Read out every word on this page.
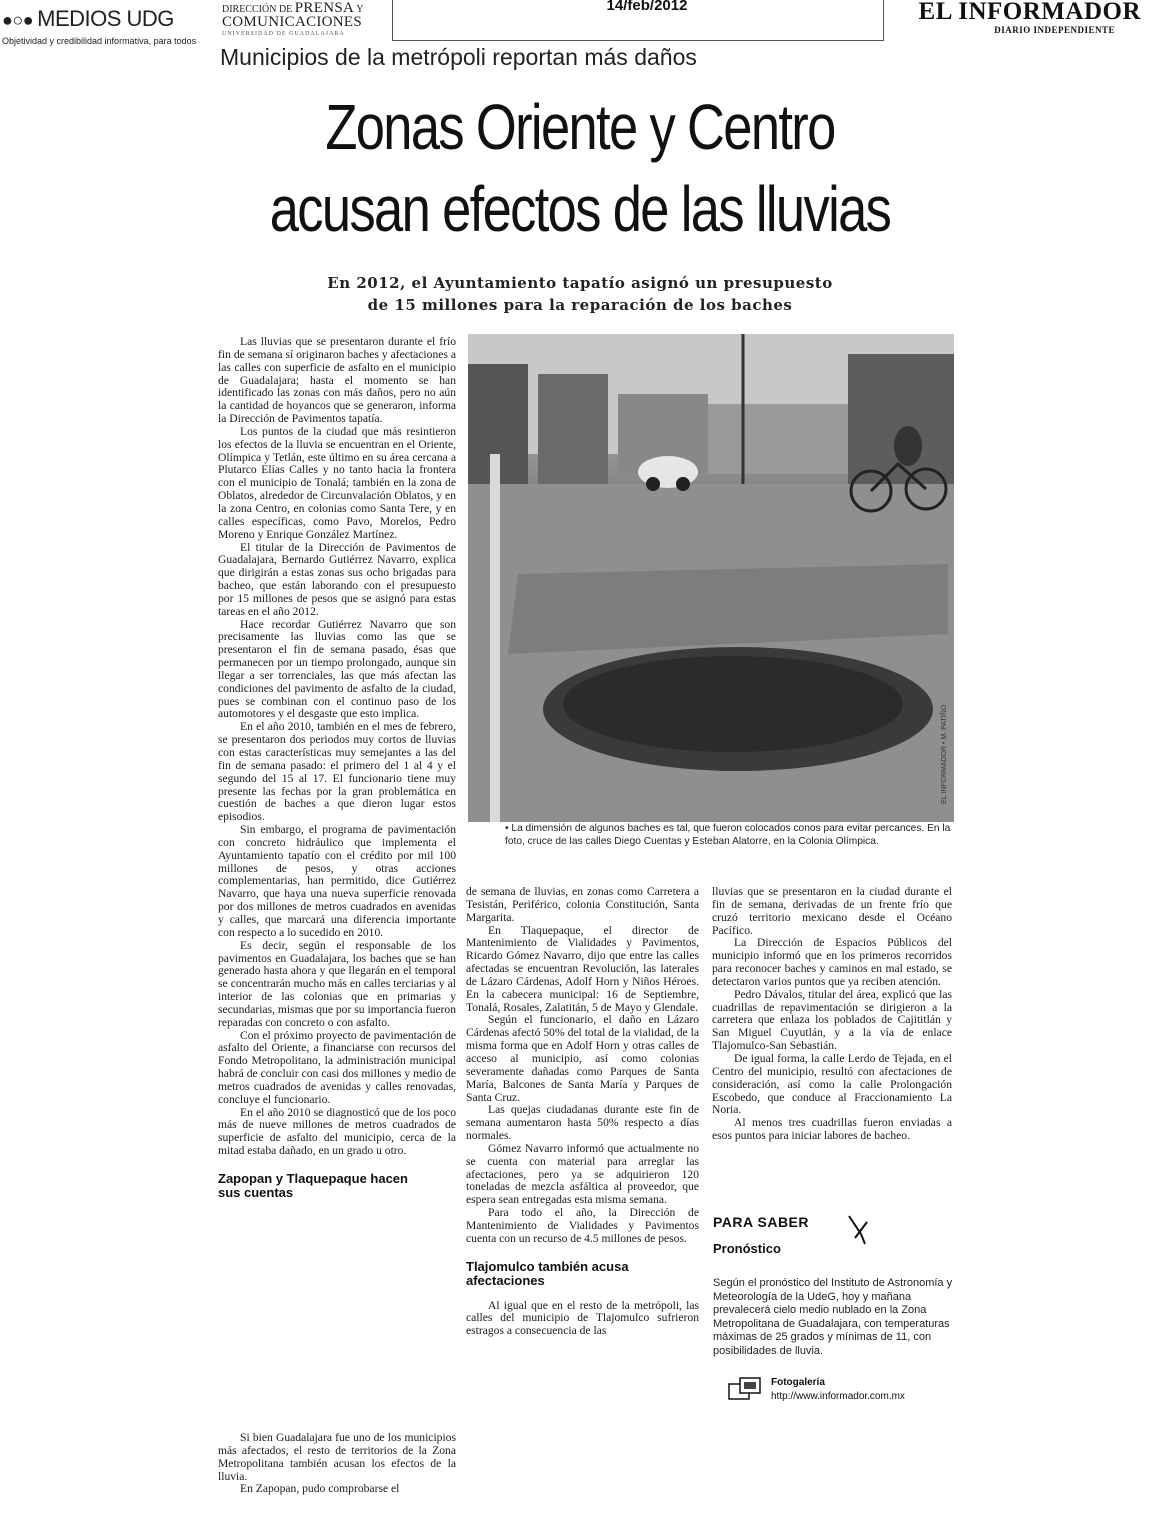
●○● MEDIOS UDG
Objetividad y credibilidad informativa, para todos
DIRECCIÓN DE PRENSA Y
COMUNICACIONES
UNIVERSIDAD DE GUADALAJARA
14/feb/2012	EL INFORMADOR
DIARIO INDEPENDIENTE
Municipios de la metrópoli reportan más daños
Zonas Oriente y Centro
acusan efectos de las lluvias
En 2012, el Ayuntamiento tapatío asignó un presupuesto
de 15 millones para la reparación de los baches

Las lluvias que se presentaron durante el frío fin de semana sí originaron baches y afectaciones a las calles con superficie de asfalto en el municipio de Guadalajara; hasta el momento se han identificado las zonas con más daños, pero no aún la cantidad de hoyancos que se generaron, informa la Dirección de Pavimentos tapatía.

Los puntos de la ciudad que más resintieron los efectos de la lluvia se encuentran en el Oriente, Olímpica y Tetlán, este último en su área cercana a Plutarco Elías Calles y no tanto hacia la frontera con el municipio de Tonalá; también en la zona de Oblatos, alrededor de Circunvalación Oblatos, y en la zona Centro, en colonias como Santa Tere, y en calles específicas, como Pavo, Morelos, Pedro Moreno y Enrique González Martínez.

El titular de la Dirección de Pavimentos de Guadalajara, Bernardo Gutiérrez Navarro, explica que dirigirán a estas zonas sus ocho brigadas para bacheo, que están laborando con el presupuesto por 15 millones de pesos que se asignó para estas tareas en el año 2012.

Hace recordar Gutiérrez Navarro que son precisamente las lluvias como las que se presentaron el fin de semana pasado, ésas que permanecen por un tiempo prolongado, aunque sin llegar a ser torrenciales, las que más afectan las condiciones del pavimento de asfalto de la ciudad, pues se combinan con el continuo paso de los automotores y el desgaste que esto implica.

En el año 2010, también en el mes de febrero, se presentaron dos periodos muy cortos de lluvias con estas características muy semejantes a las del fin de semana pasado: el primero del 1 al 4 y el segundo del 15 al 17. El funcionario tiene muy presente las fechas por la gran problemática en cuestión de baches a que dieron lugar estos episodios.

Sin embargo, el programa de pavimentación con concreto hidráulico que implementa el Ayuntamiento tapatío con el crédito por mil 100 millones de pesos, y otras acciones complementarias, han permitido, dice Gutiérrez Navarro, que haya una nueva superficie renovada por dos millones de metros cuadrados en avenidas y calles, que marcará una diferencia importante con respecto a lo sucedido en 2010.

Es decir, según el responsable de los pavimentos en Guadalajara, los baches que se han generado hasta ahora y que llegarán en el temporal se concentrarán mucho más en calles terciarias y al interior de las colonias que en primarias y secundarias, mismas que por su importancia fueron reparadas con concreto o con asfalto.

Con el próximo proyecto de pavimentación de asfalto del Oriente, a financiarse con recursos del Fondo Metropolitano, la administración municipal habrá de concluir con casi dos millones y medio de metros cuadrados de avenidas y calles renovadas, concluye el funcionario.

En el año 2010 se diagnosticó que de los poco más de nueve millones de metros cuadrados de superficie de asfalto del municipio, cerca de la mitad estaba dañado, en un grado u otro.

Zapopan y Tlaquepaque hacen sus cuentas

Si bien Guadalajara fue uno de los municipios más afectados, el resto de territorios de la Zona Metropolitana también acusan los efectos de la lluvia.

En Zapopan, pudo comprobarse el

EL INFORMADOR • M. PATIÑO
• La dimensión de algunos baches es tal, que fueron colocados conos para evitar percances. En la foto, cruce de las calles Diego Cuentas y Esteban Alatorre, en la Colonia Olímpica.

de semana de lluvias, en zonas como Carretera a Tesistán, Periférico, colonia Constitución, Santa Margarita.

En Tlaquepaque, el director de Mantenimiento de Vialidades y Pavimentos, Ricardo Gómez Navarro, dijo que entre las calles afectadas se encuentran Revolución, las laterales de Lázaro Cárdenas, Adolf Horn y Niños Héroes. En la cabecera municipal: 16 de Septiembre, Tonalá, Rosales, Zalatitán, 5 de Mayo y Glendale.

Según el funcionario, el daño en Lázaro Cárdenas afectó 50% del total de la vialidad, de la misma forma que en Adolf Horn y otras calles de acceso al municipio, así como colonias severamente dañadas como Parques de Santa María, Balcones de Santa María y Parques de Santa Cruz.

Las quejas ciudadanas durante este fin de semana aumentaron hasta 50% respecto a días normales.

Gómez Navarro informó que actualmente no se cuenta con material para arreglar las afectaciones, pero ya se adquirieron 120 toneladas de mezcla asfáltica al proveedor, que espera sean entregadas esta misma semana.

Para todo el año, la Dirección de Mantenimiento de Vialidades y Pavimentos cuenta con un recurso de 4.5 millones de pesos.

Tlajomulco también acusa afectaciones

Al igual que en el resto de la metrópoli, las calles del municipio de Tlajomulco sufrieron estragos a consecuencia de las

lluvias que se presentaron en la ciudad durante el fin de semana, derivadas de un frente frío que cruzó territorio mexicano desde el Océano Pacífico.

La Dirección de Espacios Públicos del municipio informó que en los primeros recorridos para reconocer baches y caminos en mal estado, se detectaron varios puntos que ya reciben atención.

Pedro Dávalos, titular del área, explicó que las cuadrillas de repavimentación se dirigieron a la carretera que enlaza los poblados de Cajititlán y San Miguel Cuyutlán, y a la vía de enlace Tlajomulco-San Sebastián.

De igual forma, la calle Lerdo de Tejada, en el Centro del municipio, resultó con afectaciones de consideración, así como la calle Prolongación Escobedo, que conduce al Fraccionamiento La Noria.

Al menos tres cuadrillas fueron enviadas a esos puntos para iniciar labores de bacheo.

PARA SABER
Pronóstico
Según el pronóstico del Instituto de Astronomía y Meteorología de la UdeG, hoy y mañana prevalecerá cielo medio nublado en la Zona Metropolitana de Guadalajara, con temperaturas máximas de 25 grados y mínimas de 11, con posibilidades de lluvia.
Fotogalería
http://www.informador.com.mx
